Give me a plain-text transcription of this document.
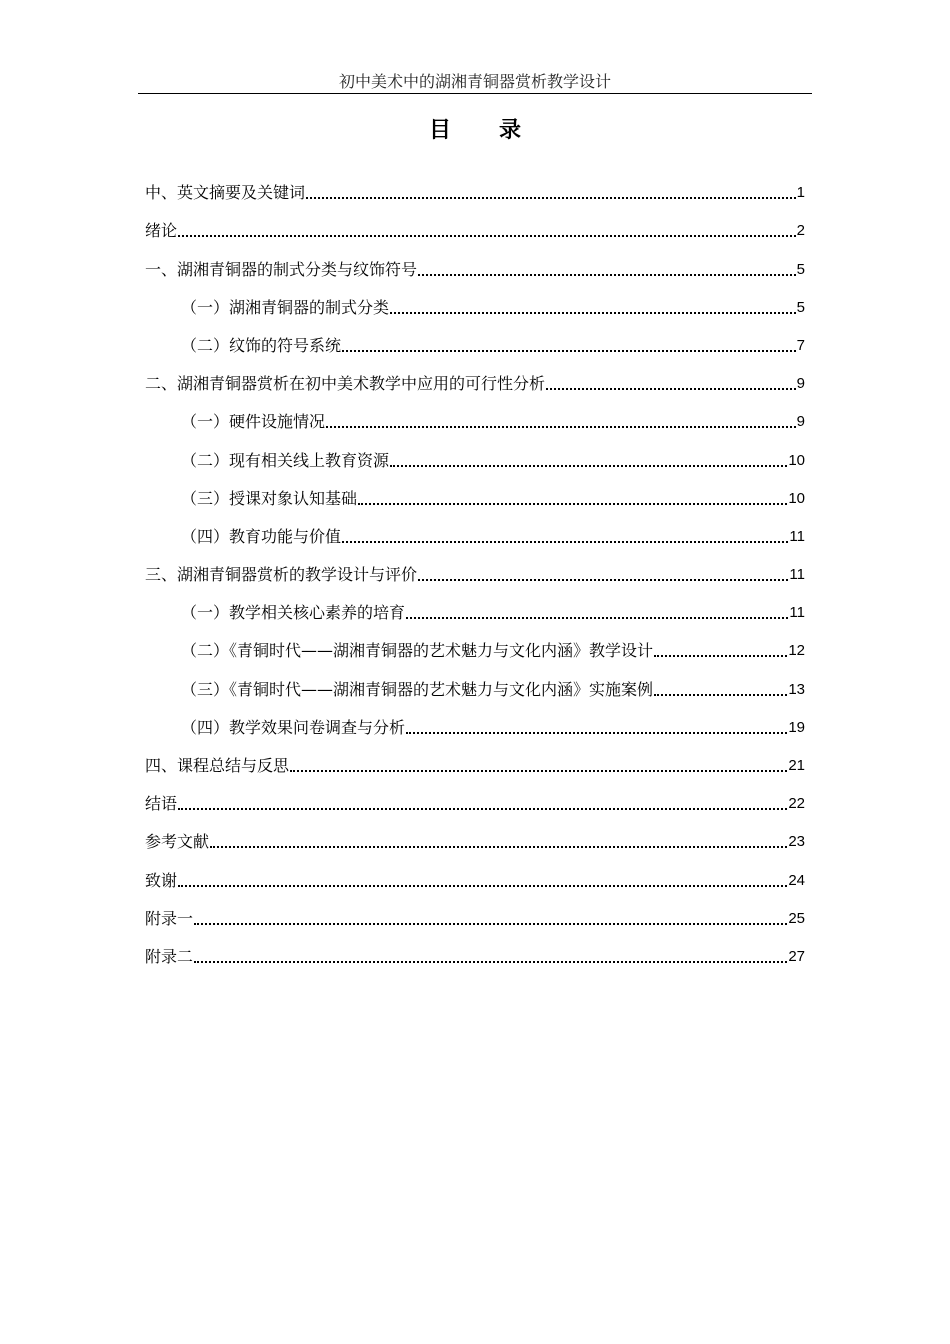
初中美术中的湖湘青铜器赏析教学设计
目 录
中、英文摘要及关键词	1
绪论	2
一、湖湘青铜器的制式分类与纹饰符号	5
（一）湖湘青铜器的制式分类	5
（二）纹饰的符号系统	7
二、湖湘青铜器赏析在初中美术教学中应用的可行性分析	9
（一）硬件设施情况	9
（二）现有相关线上教育资源	10
（三）授课对象认知基础	10
（四）教育功能与价值	11
三、湖湘青铜器赏析的教学设计与评价	11
（一）教学相关核心素养的培育	11
（二）《青铜时代——湖湘青铜器的艺术魅力与文化内涵》教学设计	12
（三）《青铜时代——湖湘青铜器的艺术魅力与文化内涵》实施案例	13
（四）教学效果问卷调查与分析	19
四、课程总结与反思	21
结语	22
参考文献	23
致谢	24
附录一	25
附录二	27
